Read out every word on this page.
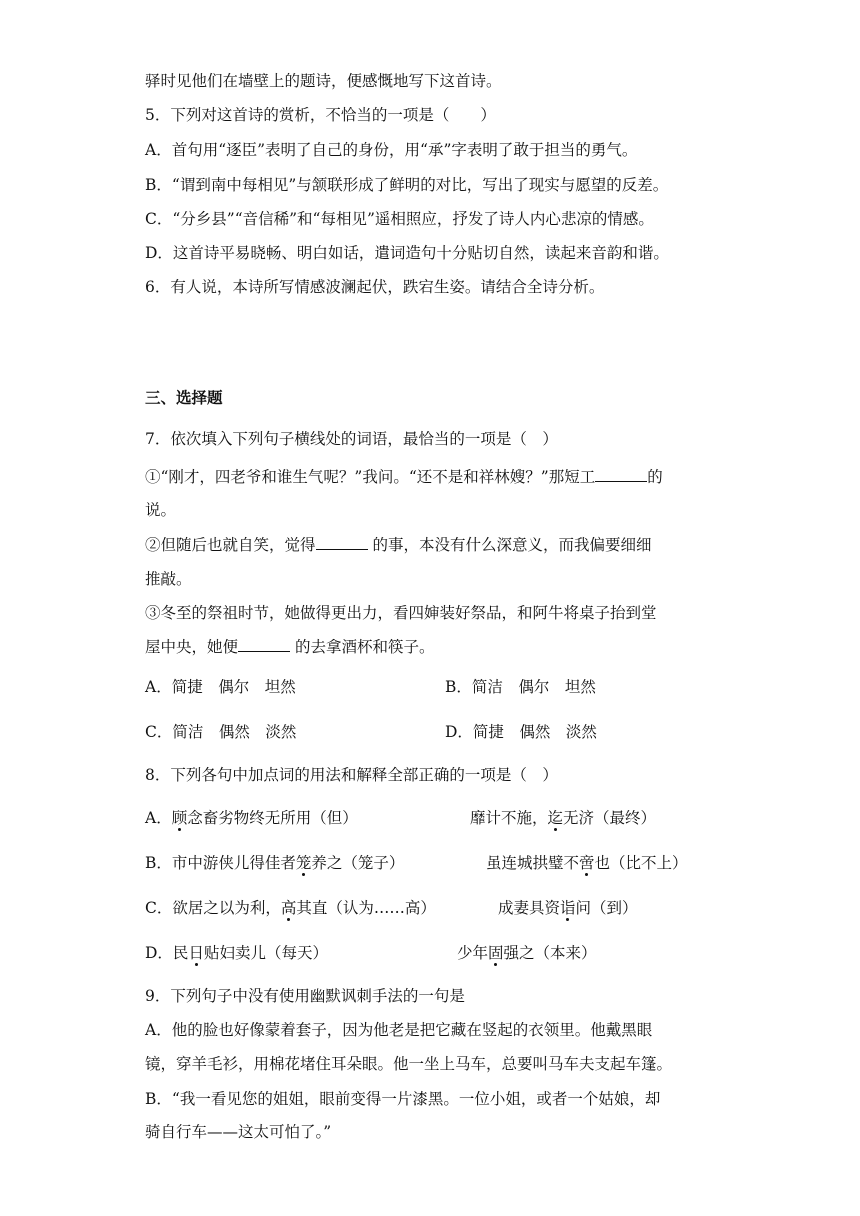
驿时见他们在墙壁上的题诗，便感慨地写下这首诗。
5．下列对这首诗的赏析，不恰当的一项是（　　）
A．首句用“逐臣”表明了自己的身份，用“承”字表明了敢于担当的勇气。
B．“谓到南中每相见”与颔联形成了鲜明的对比，写出了现实与愿望的反差。
C．“分乡县”“音信稀”和“每相见”遥相照应，抒发了诗人内心悲凉的情感。
D．这首诗平易晓畅、明白如话，遣词造句十分贴切自然，读起来音韵和谐。
6．有人说，本诗所写情感波澜起伏，跌宕生姿。请结合全诗分析。
三、选择题
7．依次填入下列句子横线处的词语，最恰当的一项是（　）
①“刚才，四老爷和谁生气呢？”我问。“还不是和祥林嫂？”那短工	的
说。
②但随后也就自笑，觉得	的事，本没有什么深意义，而我偏要细细
推敲。
③冬至的祭祖时节，她做得更出力，看四婶装好祭品，和阿牛将桌子抬到堂
屋中央，她便	的去拿酒杯和筷子。
A．简捷　偶尔　坦然	B．简洁　偶尔　坦然
C．简洁　偶然　淡然	D．简捷　偶然　淡然
8．下列各句中加点词的用法和解释全部正确的一项是（　）
A．顾念畜劣物终无所用（但）	靡计不施，迄无济（最终）
B．市中游侠儿得佳者笼养之（笼子）	虽连城拱璧不啻也（比不上）
C．欲居之以为利，高其直（认为……高）	成妻具资诣问（到）
D．民日贴妇卖儿（每天）	少年固强之（本来）
9．下列句子中没有使用幽默讽刺手法的一句是
A．他的脸也好像蒙着套子，因为他老是把它藏在竖起的衣领里。他戴黑眼
镜，穿羊毛衫，用棉花堵住耳朵眼。他一坐上马车，总要叫马车夫支起车篷。
B．“我一看见您的姐姐，眼前变得一片漆黑。一位小姐，或者一个姑娘，却
骑自行车——这太可怕了。”
